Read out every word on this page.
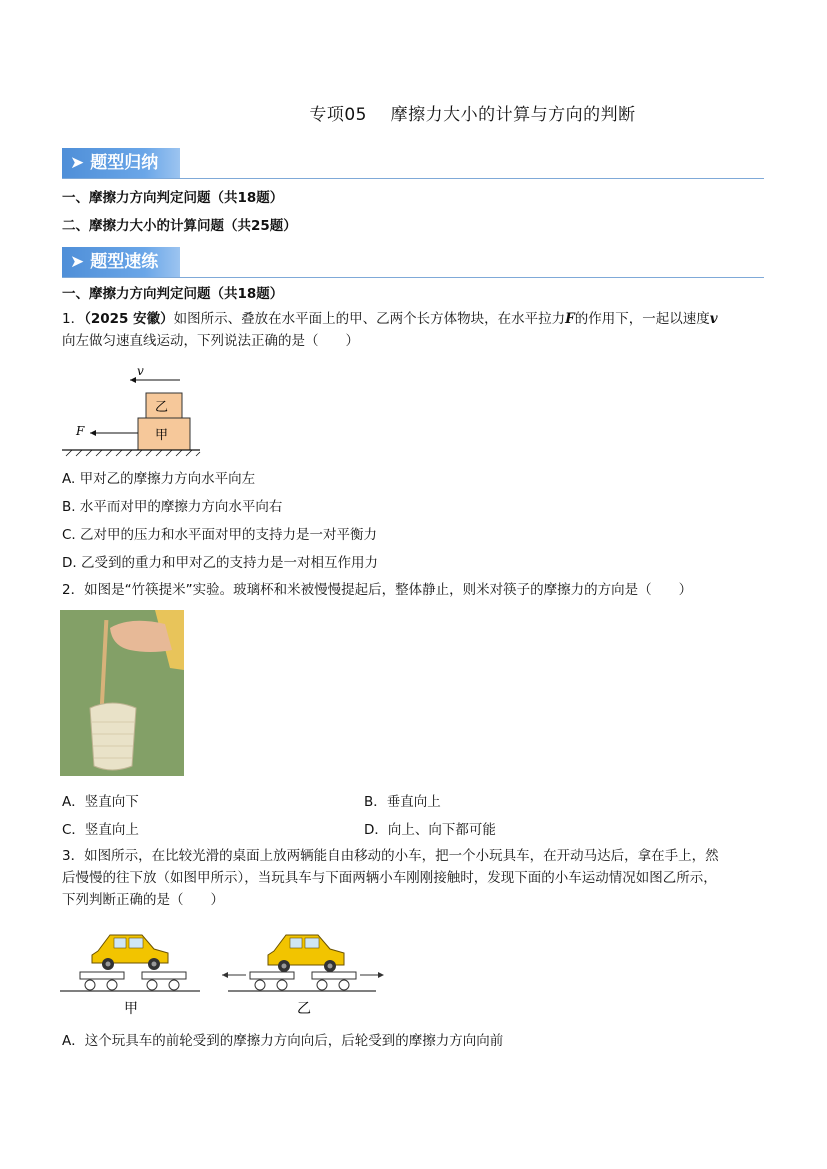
专项05 摩擦力大小的计算与方向的判断
➤ 题型归纳
一、摩擦力方向判定问题（共18题）
二、摩擦力大小的计算问题（共25题）
➤ 题型速练
一、摩擦力方向判定问题（共18题）
1．（2025 安徽）如图所示、叠放在水平面上的甲、乙两个长方体物块，在水平拉力F的作用下，一起以速度v
向左做匀速直线运动，下列说法正确的是（　　）
v
乙
甲
F
A. 甲对乙的摩擦力方向水平向左
B. 水平而对甲的摩擦力方向水平向右
C. 乙对甲的压力和水平面对甲的支持力是一对平衡力
D. 乙受到的重力和甲对乙的支持力是一对相互作用力
2．如图是“竹筷提米”实验。玻璃杯和米被慢慢提起后，整体静止，则米对筷子的摩擦力的方向是（　　）
A．竖直向下	B．垂直向上
C．竖直向上	D．向上、向下都可能
3．如图所示，在比较光滑的桌面上放两辆能自由移动的小车，把一个小玩具车，在开动马达后，拿在手上，然
后慢慢的往下放（如图甲所示），当玩具车与下面两辆小车刚刚接触时，发现下面的小车运动情况如图乙所示，
下列判断正确的是（　　）
甲	乙
A．这个玩具车的前轮受到的摩擦力方向向后，后轮受到的摩擦力方向向前
